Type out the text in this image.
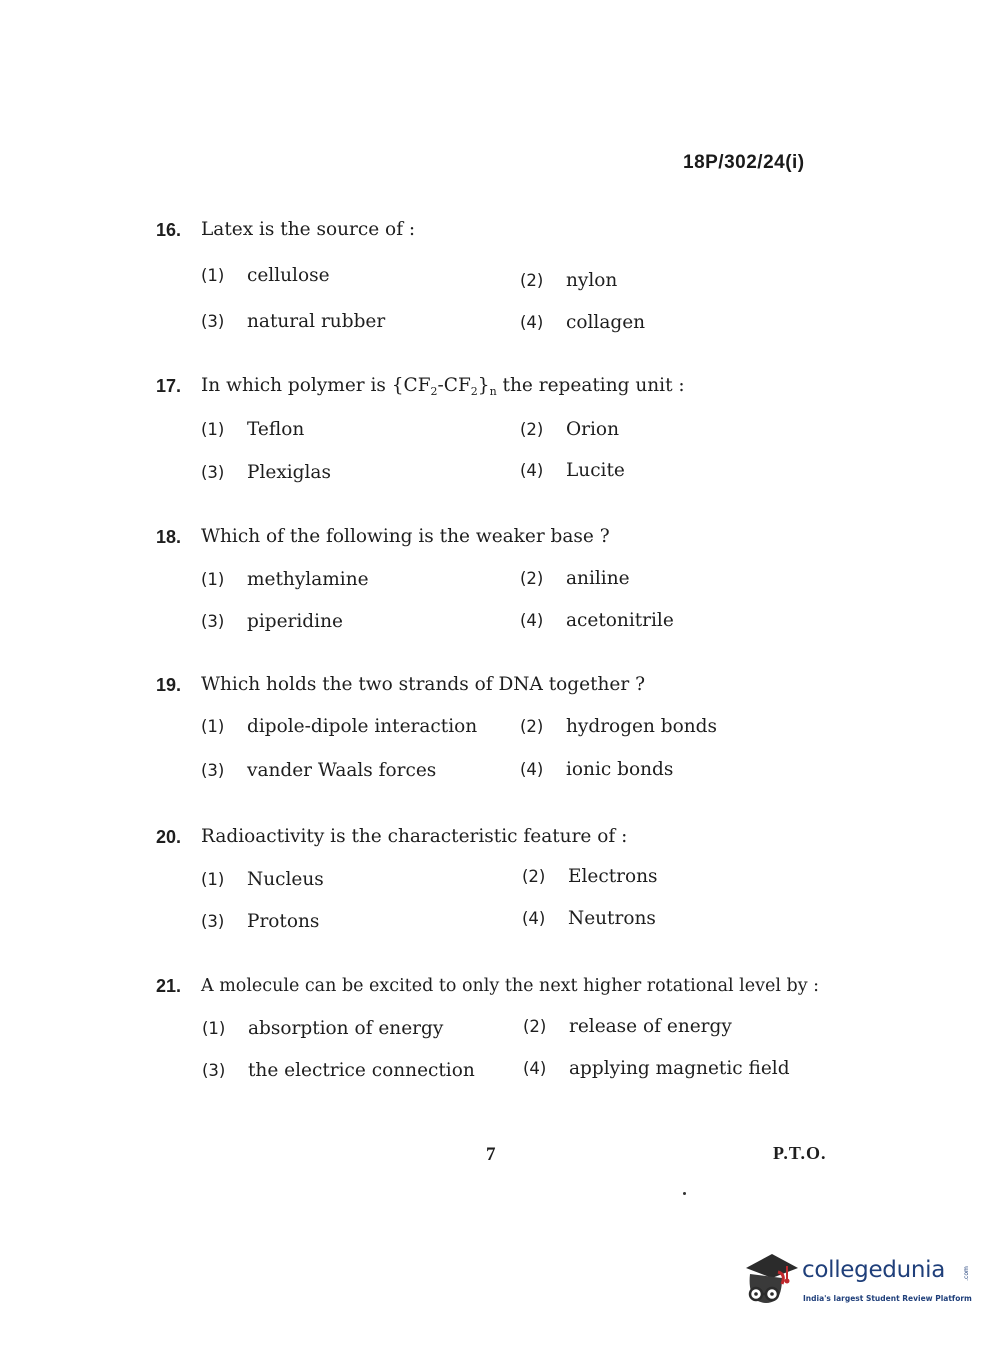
18P/302/24(i)
16. Latex is the source of :
(1) cellulose	(2) nylon
(3) natural rubber	(4) collagen
17. In which polymer is $\{CF_2-CF_2\}_n$ the repeating unit :
(1) Teflon	(2) Orion
(3) Plexiglas	(4) Lucite
18. Which of the following is the weaker base ?
(1) methylamine	(2) aniline
(3) piperidine	(4) acetonitrile
19. Which holds the two strands of DNA together ?
(1) dipole-dipole interaction	(2) hydrogen bonds
(3) vander Waals forces	(4) ionic bonds
20. Radioactivity is the characteristic feature of :
(1) Nucleus	(2) Electrons
(3) Protons	(4) Neutrons
21. A molecule can be excited to only the next higher rotational level by :
(1) absorption of energy	(2) release of energy
(3) the electrice connection	(4) applying magnetic field
7	P.T.O.
collegedunia	.com
India's largest Student Review Platform
